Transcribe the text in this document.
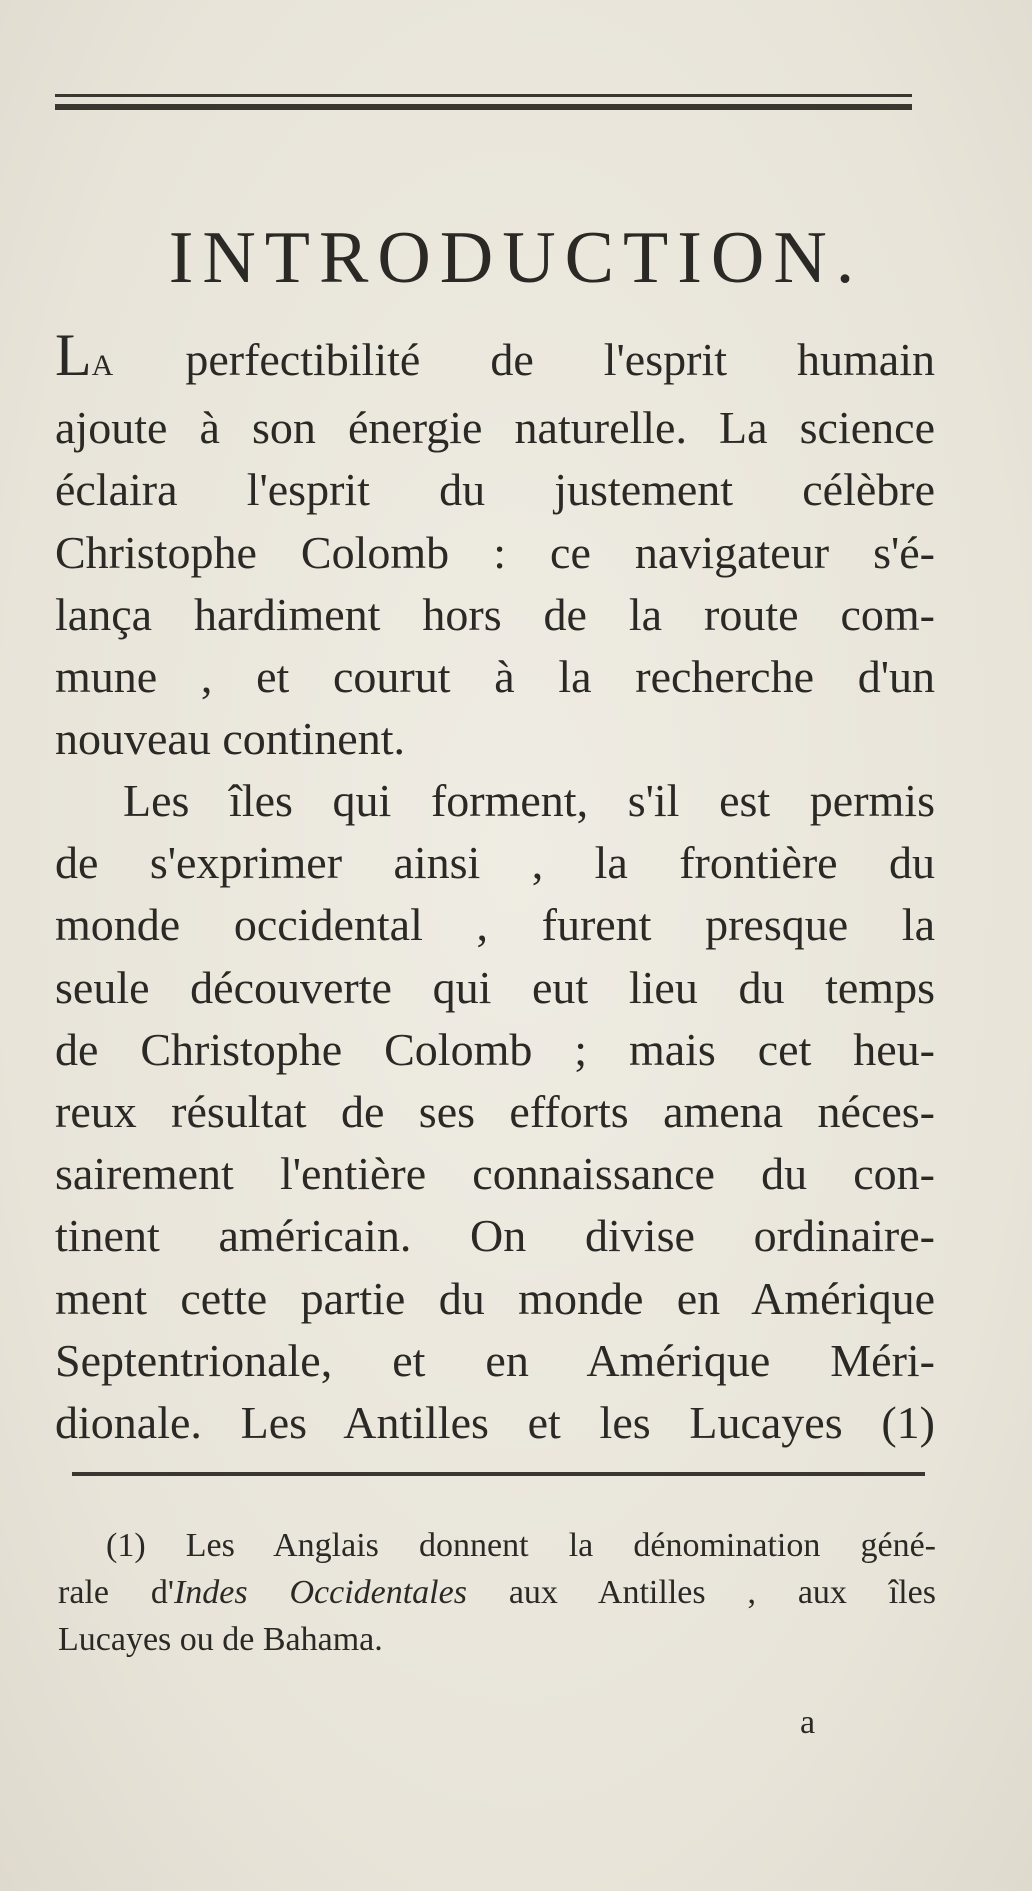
INTRODUCTION.
LA perfectibilité de l'esprit humain
ajoute à son énergie naturelle. La science
éclaira l'esprit du justement célèbre
Christophe Colomb : ce navigateur s'é-
lança hardiment hors de la route com-
mune , et courut à la recherche d'un
nouveau continent.
Les îles qui forment, s'il est permis
de s'exprimer ainsi , la frontière du
monde occidental , furent presque la
seule découverte qui eut lieu du temps
de Christophe Colomb ; mais cet heu-
reux résultat de ses efforts amena néces-
sairement l'entière connaissance du con-
tinent américain. On divise ordinaire-
ment cette partie du monde en Amérique
Septentrionale, et en Amérique Méri-
dionale. Les Antilles et les Lucayes (1)
(1) Les Anglais donnent la dénomination géné-
rale d'Indes Occidentales aux Antilles , aux îles
Lucayes ou de Bahama.
a
